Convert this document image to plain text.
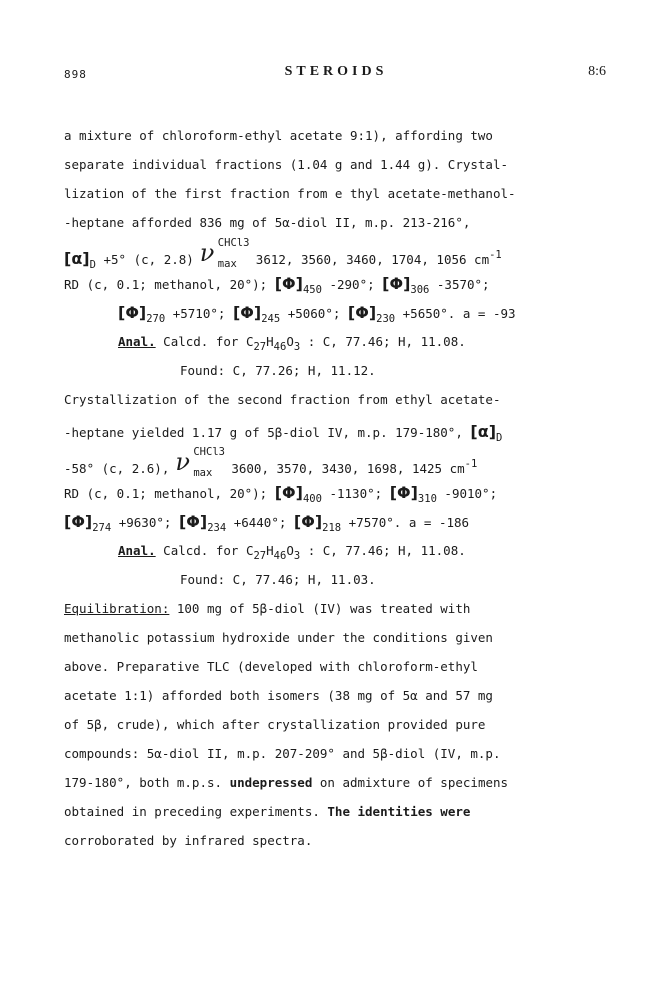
898	STEROIDS	8:6
a mixture of chloroform-ethyl acetate 9:1), affording two
separate individual fractions (1.04 g and 1.44 g). Crystal-
lization of the first fraction from e thyl acetate-methanol-
-heptane afforded 836 mg of 5α-diol II, m.p. 213-216°,
$[\alpha]_D +5^\circ$ (c, 2.8) ν CHCl3
max 3612, 3560, 3460, 1704, 1056 $cm^{-1}$
RD (c, 0.1; methanol, 20°); $[\Phi]_{450}$ -290°; $[\Phi]_{306}$ -3570°;
$[\Phi]_{270} +5710^\circ$; $[\Phi]_{245} +5060^\circ$; $[\Phi]_{230} +5650^\circ$. a = -93
Anal. Calcd. for $C_{27}H_{46}O_3$ : C, 77.46; H, 11.08.
Found: C, 77.26; H, 11.12.
Crystallization of the second fraction from ethyl acetate-
-heptane yielded 1.17 g of 5β-diol IV, m.p. 179-180°, $[\alpha]_D$
-58° (c, 2.6), ν CHCl3
max 3600, 3570, 3430, 1698, 1425 $cm^{-1}$
RD (c, 0.1; methanol, 20°); $[\Phi]_{400}$ -1130°; $[\Phi]_{310}$ -9010°;
$[\Phi]_{274} +9630^\circ$; $[\Phi]_{234} +6440^\circ$; $[\Phi]_{218} +7570^\circ$. a = -186
Anal. Calcd. for $C_{27}H_{46}O_3$ : C, 77.46; H, 11.08.
Found: C, 77.46; H, 11.03.
Equilibration: 100 mg of 5β-diol (IV) was treated with
methanolic potassium hydroxide under the conditions given
above. Preparative TLC (developed with chloroform-ethyl
acetate 1:1) afforded both isomers (38 mg of 5α and 57 mg
of 5β, crude), which after crystallization provided pure
compounds: 5α-diol II, m.p. 207-209° and 5β-diol (IV, m.p.
179-180°, both m.p.s. undepressed on admixture of specimens
obtained in preceding experiments. The identities were
corroborated by infrared spectra.
